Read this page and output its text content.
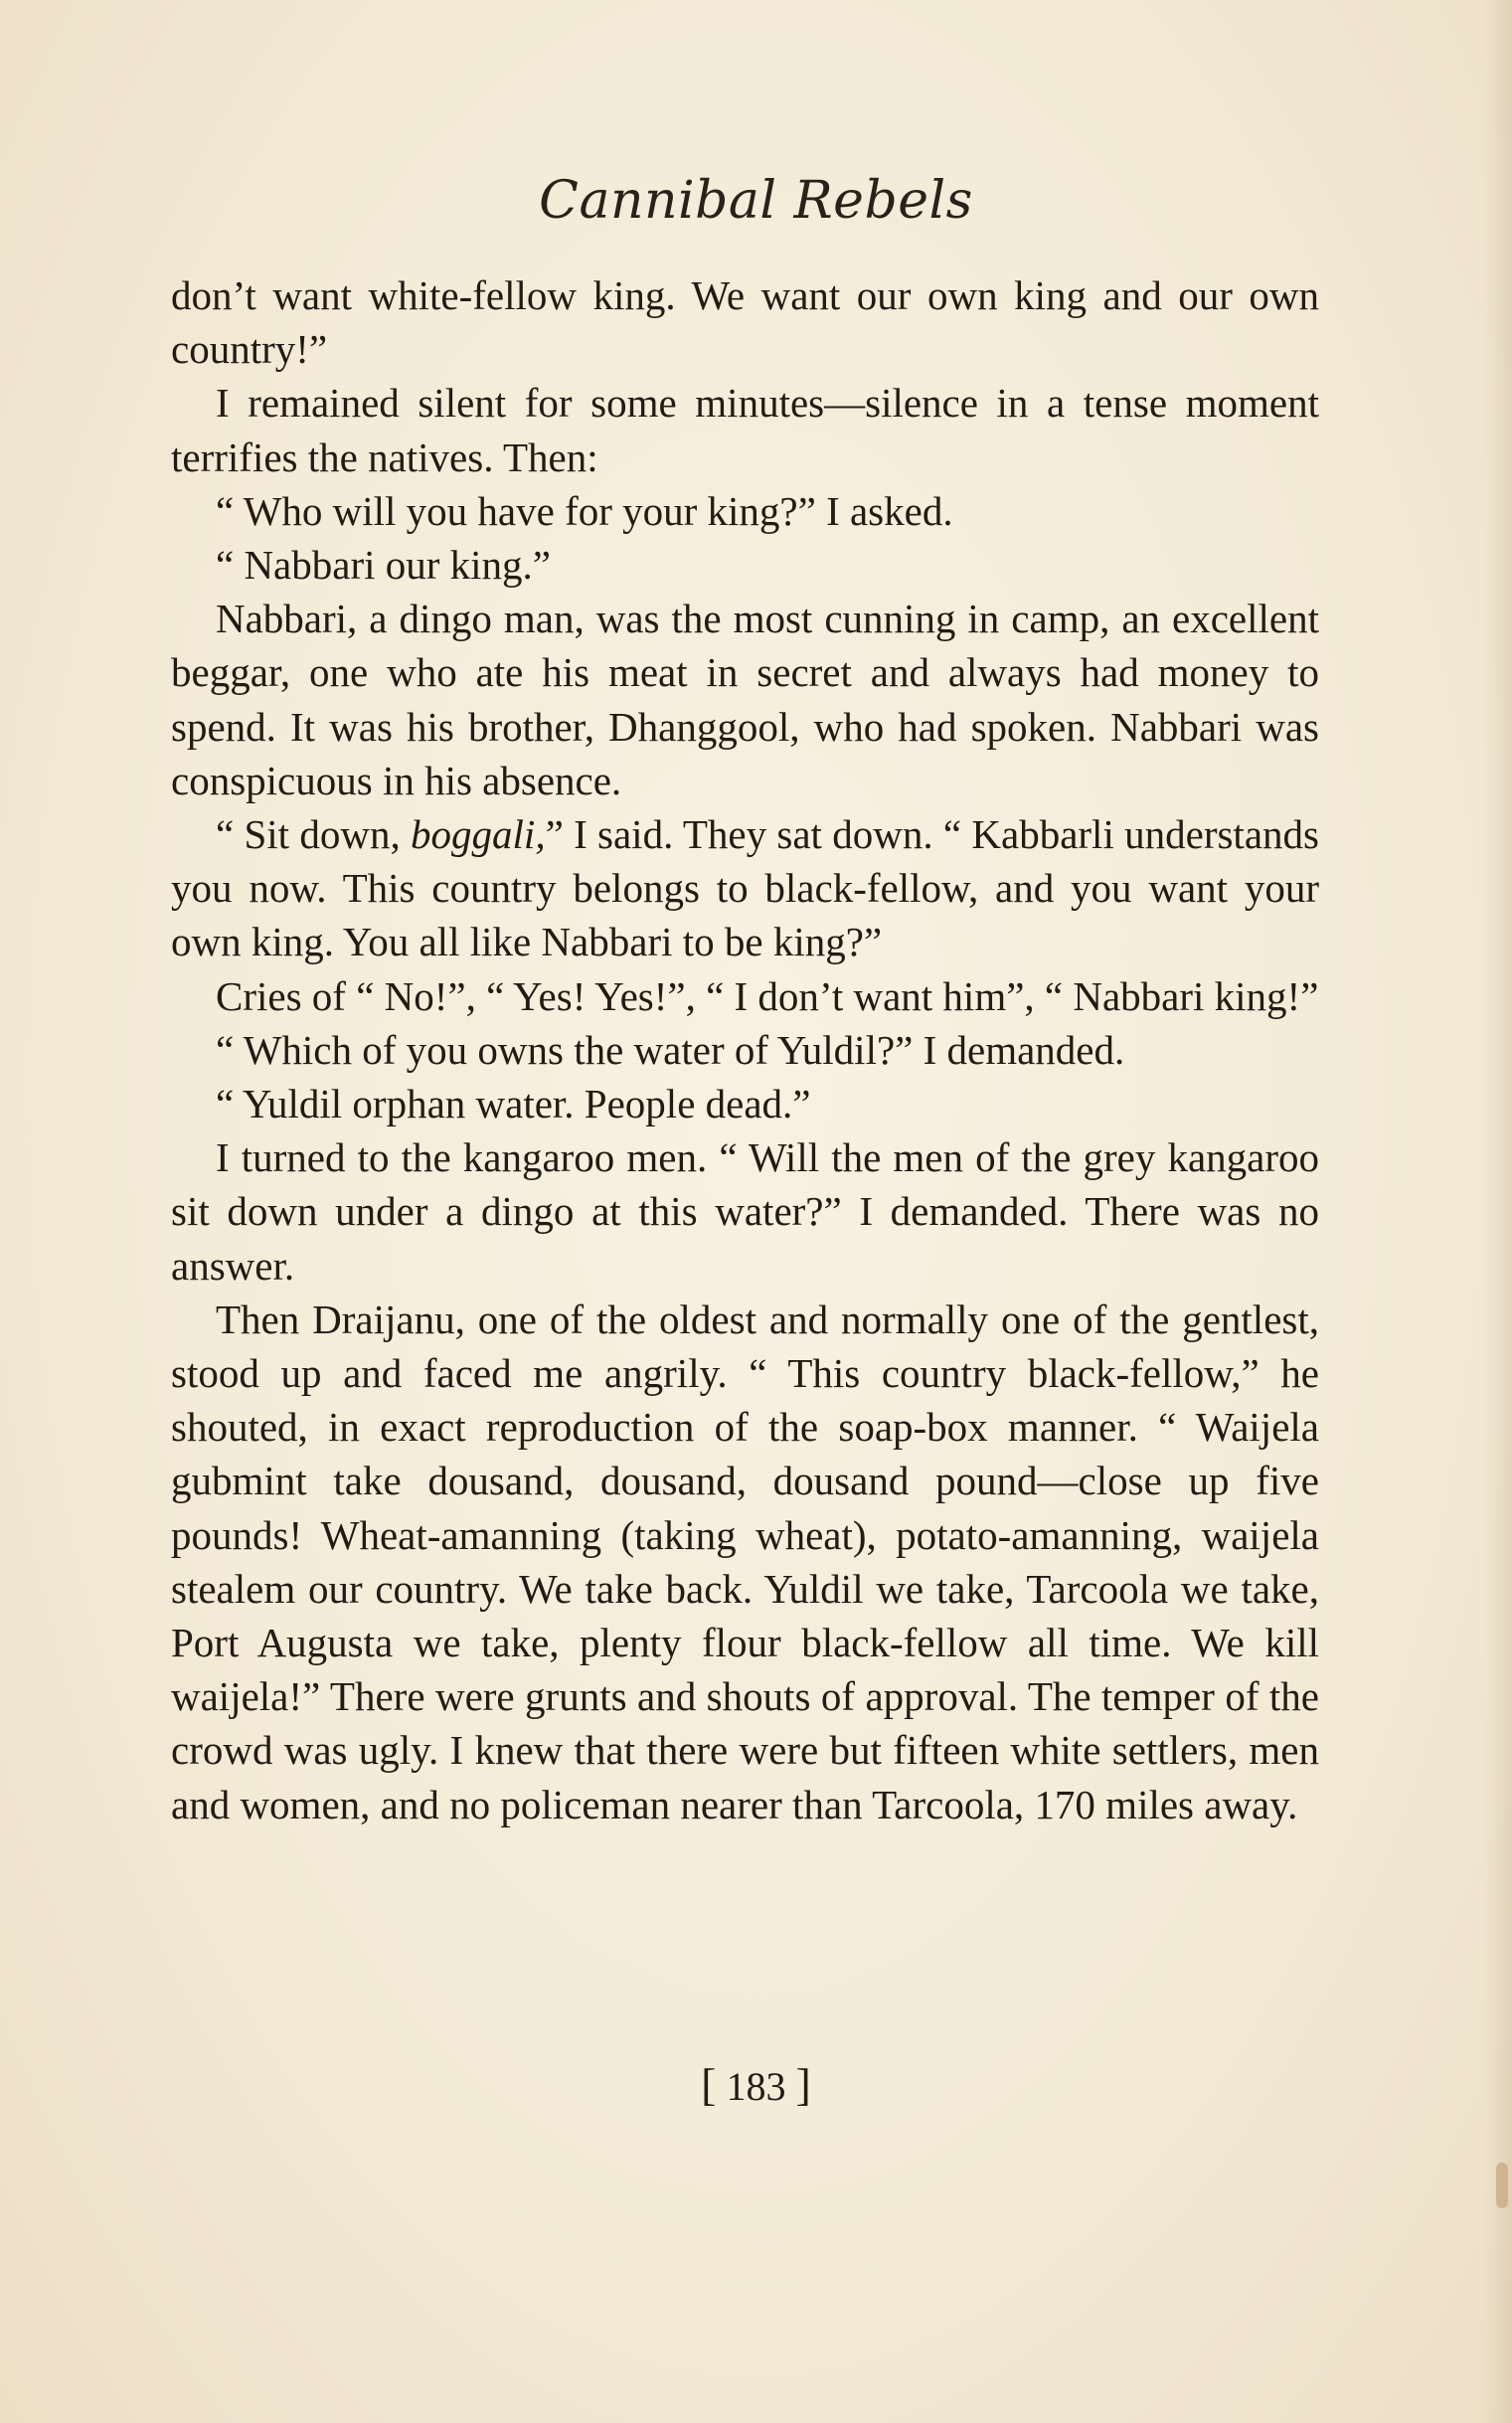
Cannibal Rebels

don’t want white-fellow king. We want our own king and our own country!”

I remained silent for some minutes—silence in a tense moment terrifies the natives. Then:

“ Who will you have for your king?” I asked.

“ Nabbari our king.”

Nabbari, a dingo man, was the most cunning in camp, an excellent beggar, one who ate his meat in secret and always had money to spend. It was his brother, Dhanggool, who had spoken. Nabbari was conspicuous in his absence.

“ Sit down, boggali,” I said. They sat down. “ Kabbarli understands you now. This country belongs to black-fellow, and you want your own king. You all like Nabbari to be king?”

Cries of “ No!”, “ Yes! Yes!”, “ I don’t want him”, “ Nabbari king!”

“ Which of you owns the water of Yuldil?” I demanded.

“ Yuldil orphan water. People dead.”

I turned to the kangaroo men. “ Will the men of the grey kangaroo sit down under a dingo at this water?” I demanded. There was no answer.

Then Draijanu, one of the oldest and normally one of the gentlest, stood up and faced me angrily. “ This country black-fellow,” he shouted, in exact reproduction of the soap-box manner. “ Waijela gubmint take dousand, dousand, dousand pound—close up five pounds! Wheat-amanning (taking wheat), potato-amanning, waijela stealem our country. We take back. Yuldil we take, Tarcoola we take, Port Augusta we take, plenty flour black-fellow all time. We kill waijela!” There were grunts and shouts of approval. The temper of the crowd was ugly. I knew that there were but fifteen white settlers, men and women, and no policeman nearer than Tarcoola, 170 miles away.

[ 183 ]
